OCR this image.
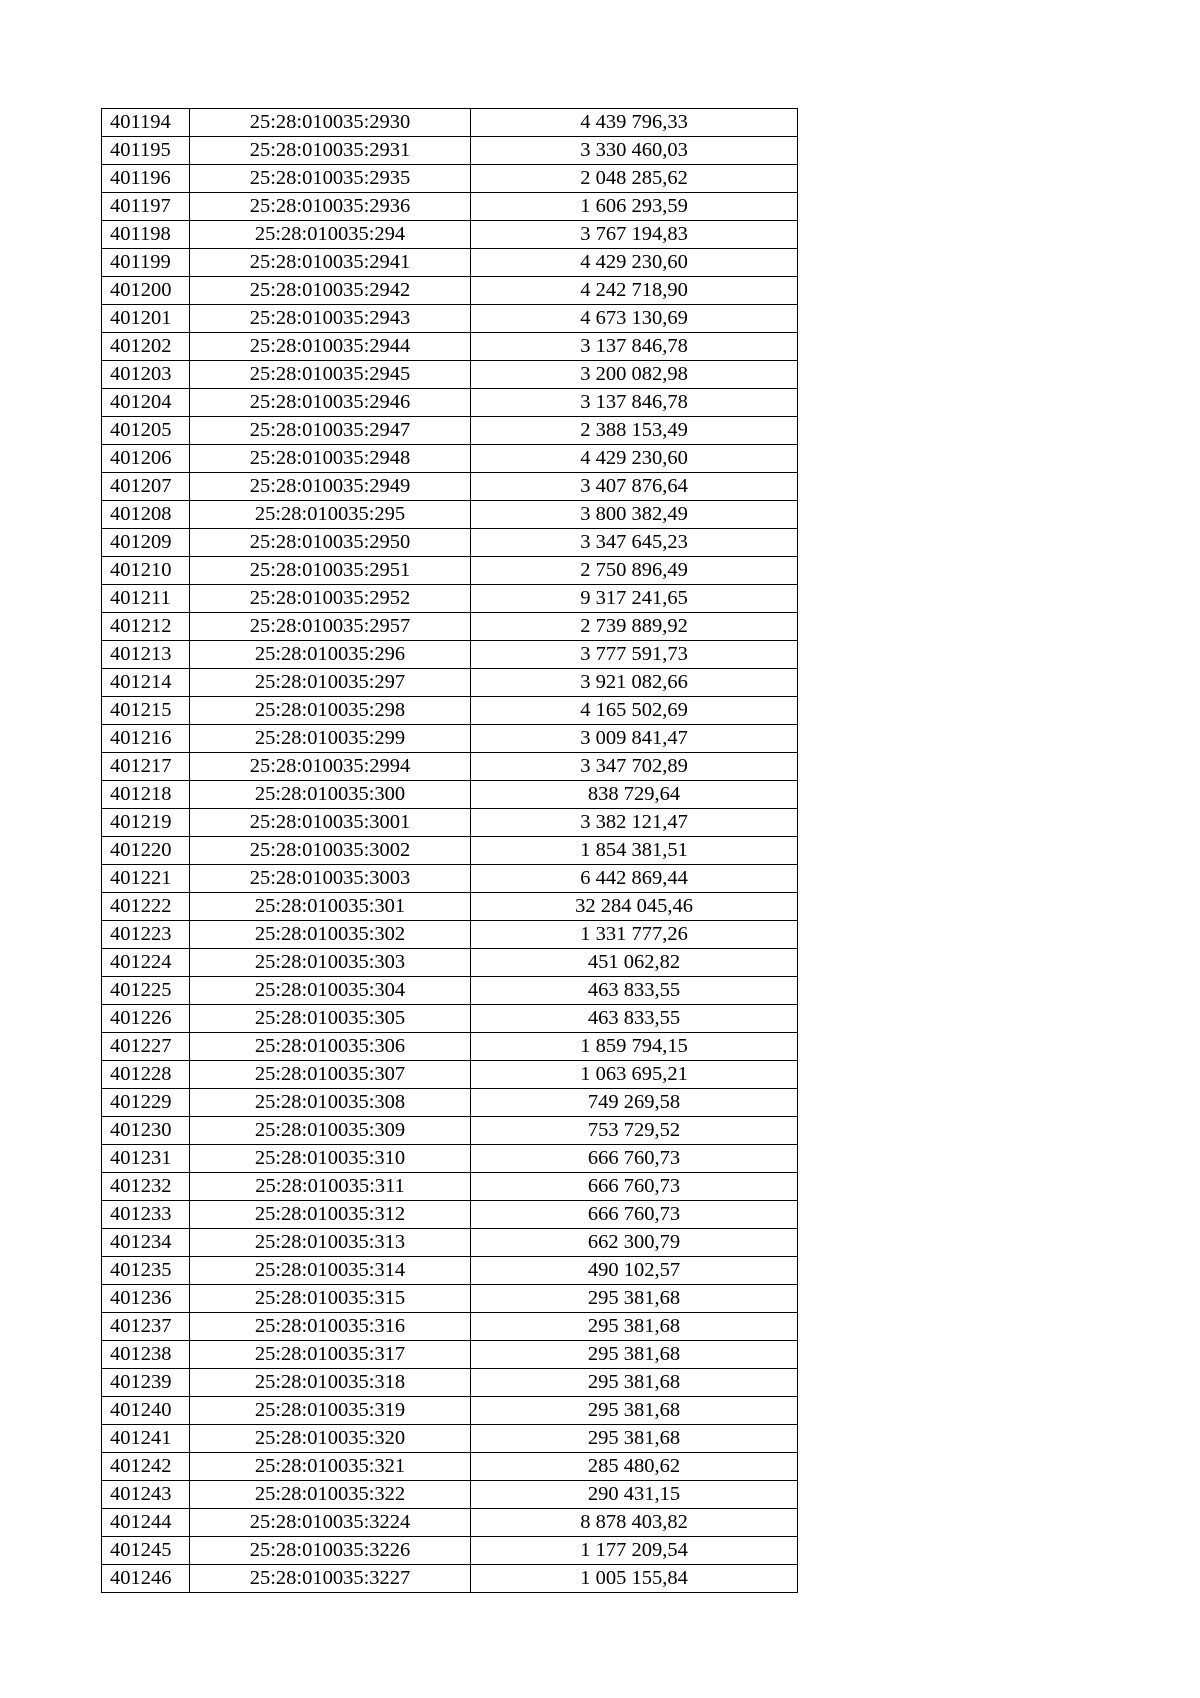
401194	25:28:010035:2930	4 439 796,33
401195	25:28:010035:2931	3 330 460,03
401196	25:28:010035:2935	2 048 285,62
401197	25:28:010035:2936	1 606 293,59
401198	25:28:010035:294	3 767 194,83
401199	25:28:010035:2941	4 429 230,60
401200	25:28:010035:2942	4 242 718,90
401201	25:28:010035:2943	4 673 130,69
401202	25:28:010035:2944	3 137 846,78
401203	25:28:010035:2945	3 200 082,98
401204	25:28:010035:2946	3 137 846,78
401205	25:28:010035:2947	2 388 153,49
401206	25:28:010035:2948	4 429 230,60
401207	25:28:010035:2949	3 407 876,64
401208	25:28:010035:295	3 800 382,49
401209	25:28:010035:2950	3 347 645,23
401210	25:28:010035:2951	2 750 896,49
401211	25:28:010035:2952	9 317 241,65
401212	25:28:010035:2957	2 739 889,92
401213	25:28:010035:296	3 777 591,73
401214	25:28:010035:297	3 921 082,66
401215	25:28:010035:298	4 165 502,69
401216	25:28:010035:299	3 009 841,47
401217	25:28:010035:2994	3 347 702,89
401218	25:28:010035:300	838 729,64
401219	25:28:010035:3001	3 382 121,47
401220	25:28:010035:3002	1 854 381,51
401221	25:28:010035:3003	6 442 869,44
401222	25:28:010035:301	32 284 045,46
401223	25:28:010035:302	1 331 777,26
401224	25:28:010035:303	451 062,82
401225	25:28:010035:304	463 833,55
401226	25:28:010035:305	463 833,55
401227	25:28:010035:306	1 859 794,15
401228	25:28:010035:307	1 063 695,21
401229	25:28:010035:308	749 269,58
401230	25:28:010035:309	753 729,52
401231	25:28:010035:310	666 760,73
401232	25:28:010035:311	666 760,73
401233	25:28:010035:312	666 760,73
401234	25:28:010035:313	662 300,79
401235	25:28:010035:314	490 102,57
401236	25:28:010035:315	295 381,68
401237	25:28:010035:316	295 381,68
401238	25:28:010035:317	295 381,68
401239	25:28:010035:318	295 381,68
401240	25:28:010035:319	295 381,68
401241	25:28:010035:320	295 381,68
401242	25:28:010035:321	285 480,62
401243	25:28:010035:322	290 431,15
401244	25:28:010035:3224	8 878 403,82
401245	25:28:010035:3226	1 177 209,54
401246	25:28:010035:3227	1 005 155,84
